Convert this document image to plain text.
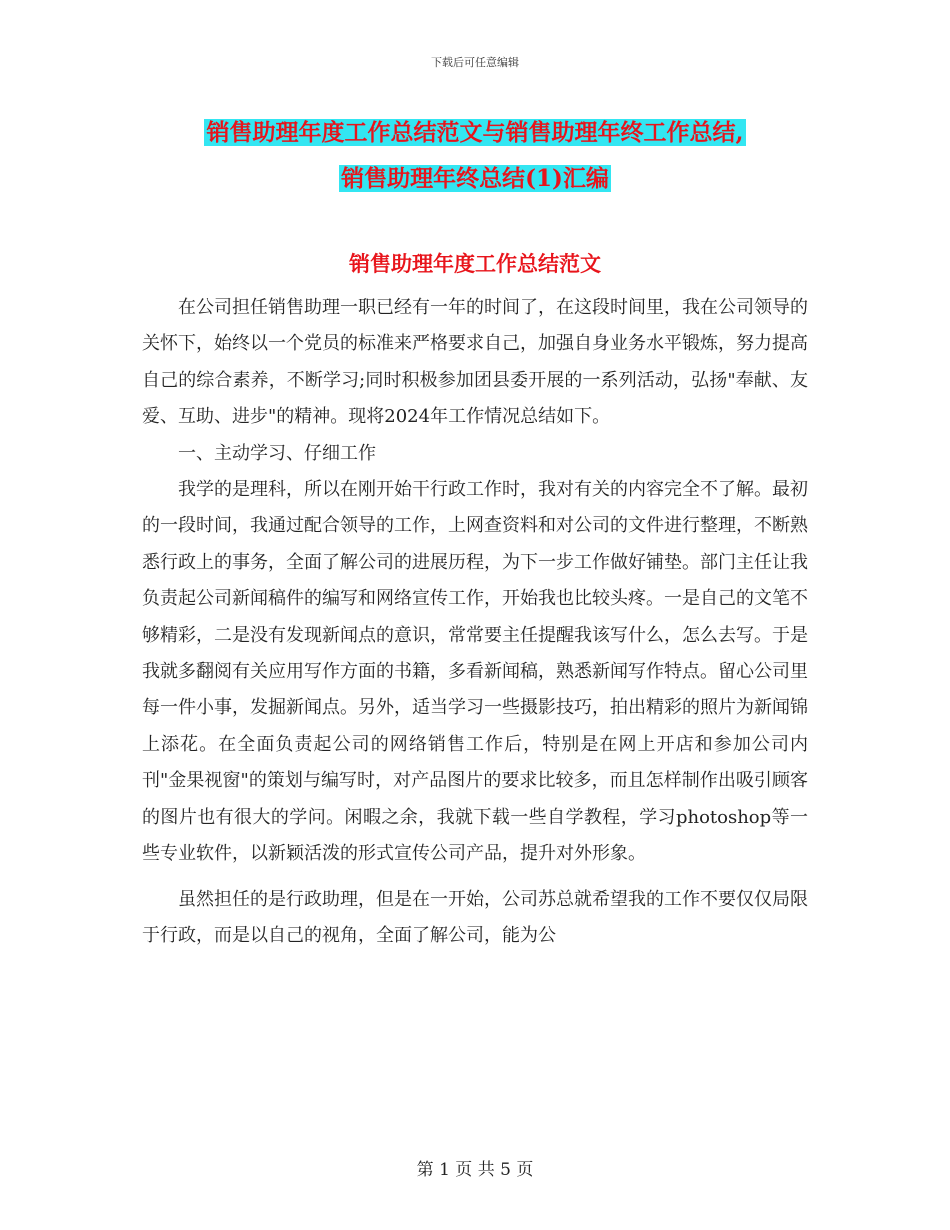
下载后可任意编辑
销售助理年度工作总结范文与销售助理年终工作总结,
销售助理年终总结(1)汇编
销售助理年度工作总结范文

在公司担任销售助理一职已经有一年的时间了，在这段时间里，我在公司领导的关怀下，始终以一个党员的标准来严格要求自己，加强自身业务水平锻炼，努力提高自己的综合素养，不断学习;同时积极参加团县委开展的一系列活动，弘扬"奉献、友爱、互助、进步"的精神。现将2024年工作情况总结如下。

一、主动学习、仔细工作

我学的是理科，所以在刚开始干行政工作时，我对有关的内容完全不了解。最初的一段时间，我通过配合领导的工作，上网查资料和对公司的文件进行整理，不断熟悉行政上的事务，全面了解公司的进展历程，为下一步工作做好铺垫。部门主任让我负责起公司新闻稿件的编写和网络宣传工作，开始我也比较头疼。一是自己的文笔不够精彩，二是没有发现新闻点的意识，常常要主任提醒我该写什么，怎么去写。于是我就多翻阅有关应用写作方面的书籍，多看新闻稿，熟悉新闻写作特点。留心公司里每一件小事，发掘新闻点。另外，适当学习一些摄影技巧，拍出精彩的照片为新闻锦上添花。在全面负责起公司的网络销售工作后，特别是在网上开店和参加公司内刊"金果视窗"的策划与编写时，对产品图片的要求比较多，而且怎样制作出吸引顾客的图片也有很大的学问。闲暇之余，我就下载一些自学教程，学习photoshop等一些专业软件，以新颖活泼的形式宣传公司产品，提升对外形象。

虽然担任的是行政助理，但是在一开始，公司苏总就希望我的工作不要仅仅局限于行政，而是以自己的视角，全面了解公司，能为公

第 1 页 共 5 页
